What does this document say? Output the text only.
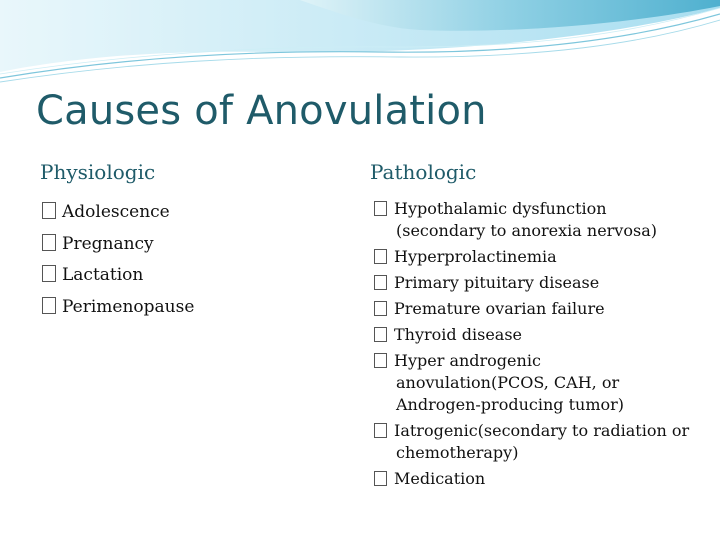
Causes of Anovulation
Physiologic	Pathologic
Adolescence
Pregnancy
Lactation
Perimenopause
Hypothalamic dysfunction (secondary to anorexia nervosa)
Hyperprolactinemia
Primary pituitary disease
Premature ovarian failure
Thyroid disease
Hyper androgenic anovulation(PCOS, CAH, or Androgen-producing tumor)
Iatrogenic(secondary to radiation or chemotherapy)
Medication
